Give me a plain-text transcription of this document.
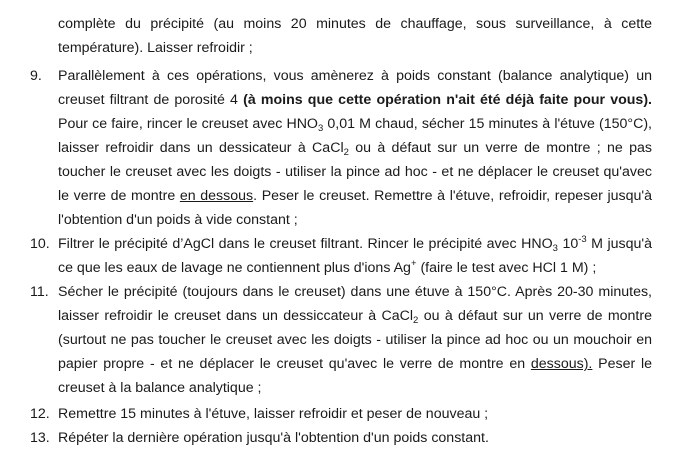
complète du précipité (au moins 20 minutes de chauffage, sous surveillance, à cette
température). Laisser refroidir ;
9. Parallèlement à ces opérations, vous amènerez à poids constant (balance analytique) un
creuset filtrant de porosité 4 (à moins que cette opération n'ait été déjà faite pour vous).
Pour ce faire, rincer le creuset avec $HNO_3$ 0,01 M chaud, sécher 15 minutes à l'étuve (150°C),
laisser refroidir dans un dessicateur à CaCl$_2$ ou à défaut sur un verre de montre ; ne pas
toucher le creuset avec les doigts - utiliser la pince ad hoc - et ne déplacer le creuset qu'avec
le verre de montre en dessous. Peser le creuset. Remettre à l'étuve, refroidir, repeser jusqu'à
l'obtention d'un poids à vide constant ;
10. Filtrer le précipité d’AgCl dans le creuset filtrant. Rincer le précipité avec $HNO_3$ $10^{-3}$ M jusqu'à
ce que les eaux de lavage ne contiennent plus d'ions Ag+ (faire le test avec HCl 1 M) ;
11. Sécher le précipité (toujours dans le creuset) dans une étuve à 150°C. Après 20-30 minutes,
laisser refroidir le creuset dans un dessiccateur à CaCl$_2$ ou à défaut sur un verre de montre
(surtout ne pas toucher le creuset avec les doigts - utiliser la pince ad hoc ou un mouchoir en
papier propre - et ne déplacer le creuset qu'avec le verre de montre en dessous). Peser le
creuset à la balance analytique ;
12. Remettre 15 minutes à l'étuve, laisser refroidir et peser de nouveau ;
13. Répéter la dernière opération jusqu'à l'obtention d'un poids constant.
